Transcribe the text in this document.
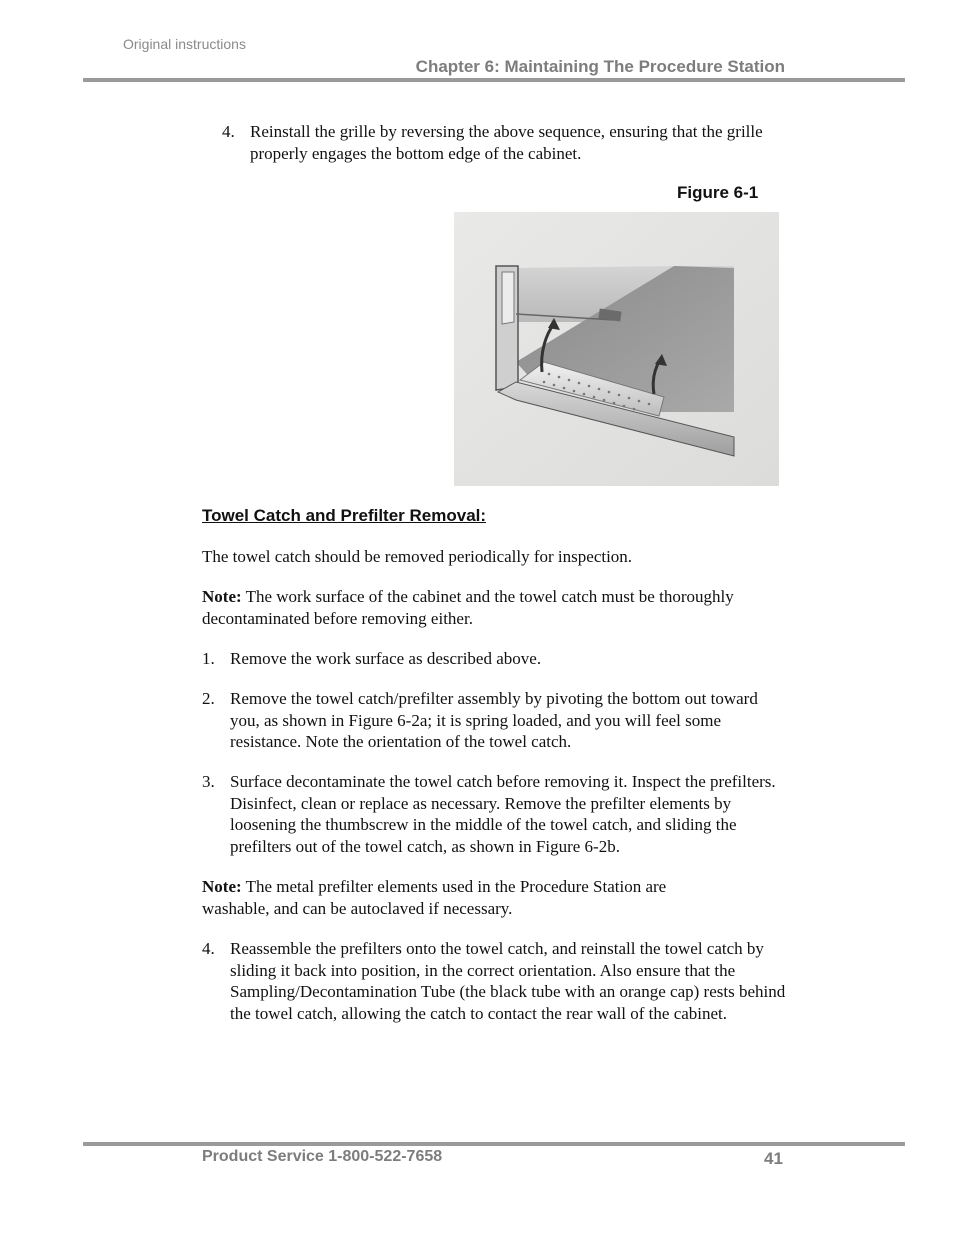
Original instructions
Chapter 6: Maintaining The Procedure Station
4. Reinstall the grille by reversing the above sequence, ensuring that the grille properly engages the bottom edge of the cabinet.
Figure 6-1
Towel Catch and Prefilter Removal:
The towel catch should be removed periodically for inspection.
Note: The work surface of the cabinet and the towel catch must be thoroughly decontaminated before removing either.
1. Remove the work surface as described above.
2. Remove the towel catch/prefilter assembly by pivoting the bottom out toward you, as shown in Figure 6-2a; it is spring loaded, and you will feel some resistance. Note the orientation of the towel catch.
3. Surface decontaminate the towel catch before removing it. Inspect the prefilters. Disinfect, clean or replace as necessary. Remove the prefilter elements by loosening the thumbscrew in the middle of the towel catch, and sliding the prefilters out of the towel catch, as shown in Figure 6-2b.
Note: The metal prefilter elements used in the Procedure Station are washable, and can be autoclaved if necessary.
4. Reassemble the prefilters onto the towel catch, and reinstall the towel catch by sliding it back into position, in the correct orientation. Also ensure that the Sampling/Decontamination Tube (the black tube with an orange cap) rests behind the towel catch, allowing the catch to contact the rear wall of the cabinet.
Product Service 1-800-522-7658	41
